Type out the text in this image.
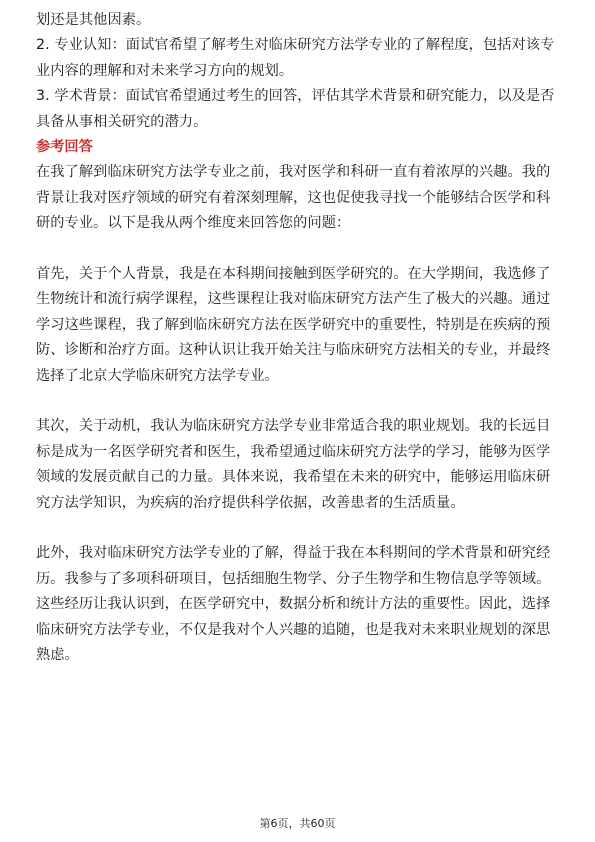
划还是其他因素。

2. 专业认知：面试官希望了解考生对临床研究方法学专业的了解程度，包括对该专业内容的理解和对未来学习方向的规划。

3. 学术背景：面试官希望通过考生的回答，评估其学术背景和研究能力，以及是否具备从事相关研究的潜力。

参考回答

在我了解到临床研究方法学专业之前，我对医学和科研一直有着浓厚的兴趣。我的背景让我对医疗领域的研究有着深刻理解，这也促使我寻找一个能够结合医学和科研的专业。以下是我从两个维度来回答您的问题：

首先，关于个人背景，我是在本科期间接触到医学研究的。在大学期间，我选修了生物统计和流行病学课程，这些课程让我对临床研究方法产生了极大的兴趣。通过学习这些课程，我了解到临床研究方法在医学研究中的重要性，特别是在疾病的预防、诊断和治疗方面。这种认识让我开始关注与临床研究方法相关的专业，并最终选择了北京大学临床研究方法学专业。

其次，关于动机，我认为临床研究方法学专业非常适合我的职业规划。我的长远目标是成为一名医学研究者和医生，我希望通过临床研究方法学的学习，能够为医学领域的发展贡献自己的力量。具体来说，我希望在未来的研究中，能够运用临床研究方法学知识，为疾病的治疗提供科学依据，改善患者的生活质量。

此外，我对临床研究方法学专业的了解，得益于我在本科期间的学术背景和研究经历。我参与了多项科研项目，包括细胞生物学、分子生物学和生物信息学等领域。这些经历让我认识到，在医学研究中，数据分析和统计方法的重要性。因此，选择临床研究方法学专业，不仅是我对个人兴趣的追随，也是我对未来职业规划的深思熟虑。

第6页，共60页
